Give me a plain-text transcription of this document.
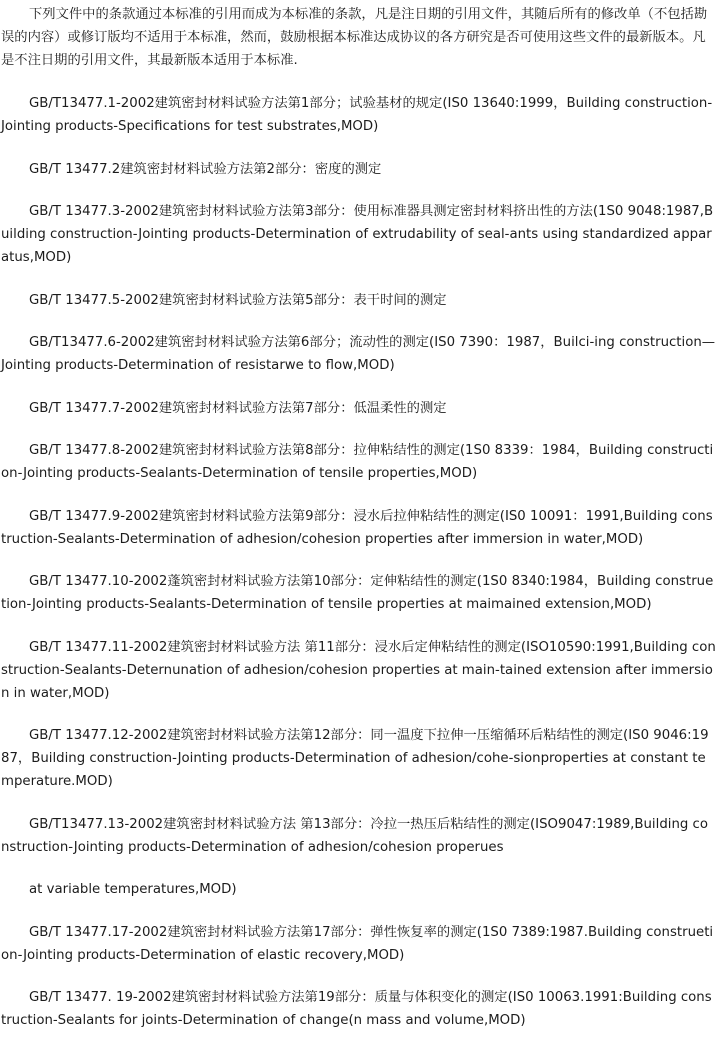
下列文件中的条款通过本标准的引用而成为本标准的条款，凡是注日期的引用文件，其随后所有的修改单（不包括勘误的内容）或修订版均不适用于本标准，然而，鼓励根据本标准达成协议的各方研究是否可使用这些文件的最新版本。凡是不注日期的引用文件，其最新版本适用于本标准.

GB/T13477.1-2002建筑密封材料试验方法第1部分；试验基材的规定(IS0 13640:1999，Building construction-Jointing products-Specifications for test substrates,MOD)

GB/T 13477.2建筑密封材料试验方法第2部分：密度的测定

GB/T 13477.3-2002建筑密封材料试验方法第3部分：使用标准器具测定密封材料挤出性的方法(1S0 9048:1987,Building construction-Jointing products-Determination of extrudability of seal-ants using standardized apparatus,MOD)

GB/T 13477.5-2002建筑密封材料试验方法第5部分：表干时间的测定

GB/T13477.6-2002建筑密封材料试验方法第6部分；流动性的测定(IS0 7390：1987，Builci-ing construction—Jointing products-Determination of resistarwe to flow,MOD)

GB/T 13477.7-2002建筑密封材料试验方法第7部分：低温柔性的测定

GB/T 13477.8-2002建筑密封材料试验方法第8部分：拉伸粘结性的测定(1S0 8339：1984，Building construction-Jointing products-Sealants-Determination of tensile properties,MOD)

GB/T 13477.9-2002建筑密封材料试验方法第9部分：浸水后拉伸粘结性的测定(IS0 10091：1991,Building construction-Sealants-Determination of adhesion/cohesion properties after immersion in water,MOD)

GB/T 13477.10-2002蓬筑密封材料试验方法第10部分：定伸粘结性的测定(1S0 8340:1984，Building construetion-Jointing products-Sealants-Determination of tensile properties at maimained extension,MOD)

GB/T 13477.11-2002建筑密封材料试验方法 第11部分：浸水后定伸粘结性的测定(ISO10590:1991,Building construction-Sealants-Deternunation of adhesion/cohesion properties at main-tained extension after immersion in water,MOD)

GB/T 13477.12-2002建筑密封材料试验方法第12部分：同一温度下拉伸一压缩循环后粘结性的测定(IS0 9046:1987，Building construction-Jointing products-Determination of adhesion/cohe-sionproperties at constant temperature.MOD)

GB/T13477.13-2002建筑密封材料试验方法 第13部分：冷拉一热压后粘结性的测定(ISO9047:1989,Building construction-Jointing products-Determination of adhesion/cohesion properues

at variable temperatures,MOD)

GB/T 13477.17-2002建筑密封材料试验方法第17部分：弹性恢复率的测定(1S0 7389:1987.Building construetion-Jointing products-Determination of elastic recovery,MOD)

GB/T 13477. 19-2002建筑密封材料试验方法第19部分：质量与体积变化的测定(IS0 10063.1991:Building construction-Sealants for joints-Determination of change(n mass and volume,MOD)
